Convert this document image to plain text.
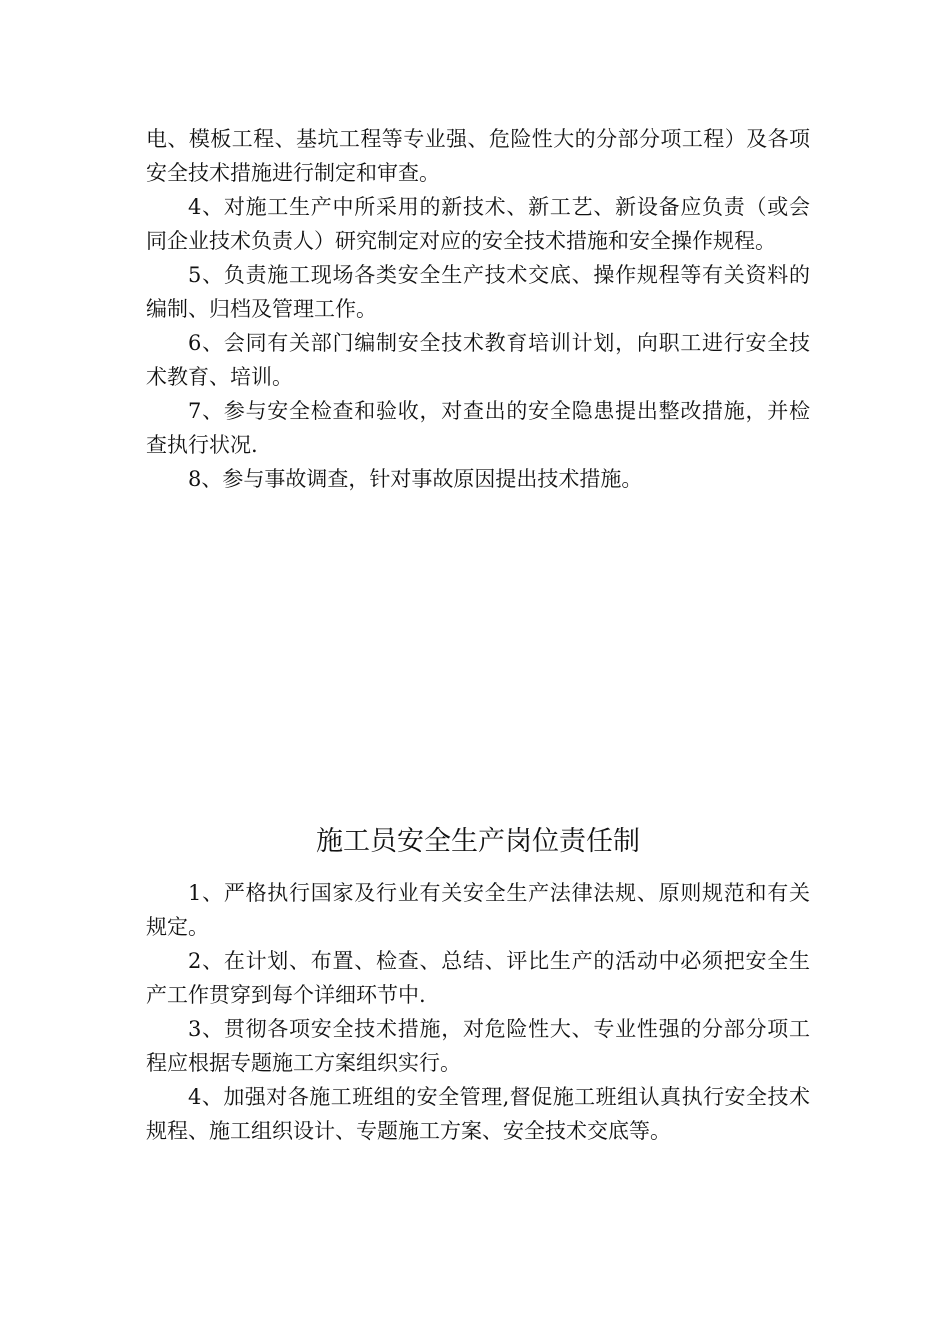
电、模板工程、基坑工程等专业强、危险性大的分部分项工程）及各项安全技术措施进行制定和审查。

4、对施工生产中所采用的新技术、新工艺、新设备应负责（或会同企业技术负责人）研究制定对应的安全技术措施和安全操作规程。

5、负责施工现场各类安全生产技术交底、操作规程等有关资料的编制、归档及管理工作。

6、会同有关部门编制安全技术教育培训计划，向职工进行安全技术教育、培训。

7、参与安全检查和验收，对查出的安全隐患提出整改措施，并检查执行状况.

8、参与事故调查，针对事故原因提出技术措施。

施工员安全生产岗位责任制

1、严格执行国家及行业有关安全生产法律法规、原则规范和有关规定。

2、在计划、布置、检查、总结、评比生产的活动中必须把安全生产工作贯穿到每个详细环节中.

3、贯彻各项安全技术措施，对危险性大、专业性强的分部分项工程应根据专题施工方案组织实行。

4、加强对各施工班组的安全管理,督促施工班组认真执行安全技术规程、施工组织设计、专题施工方案、安全技术交底等。
